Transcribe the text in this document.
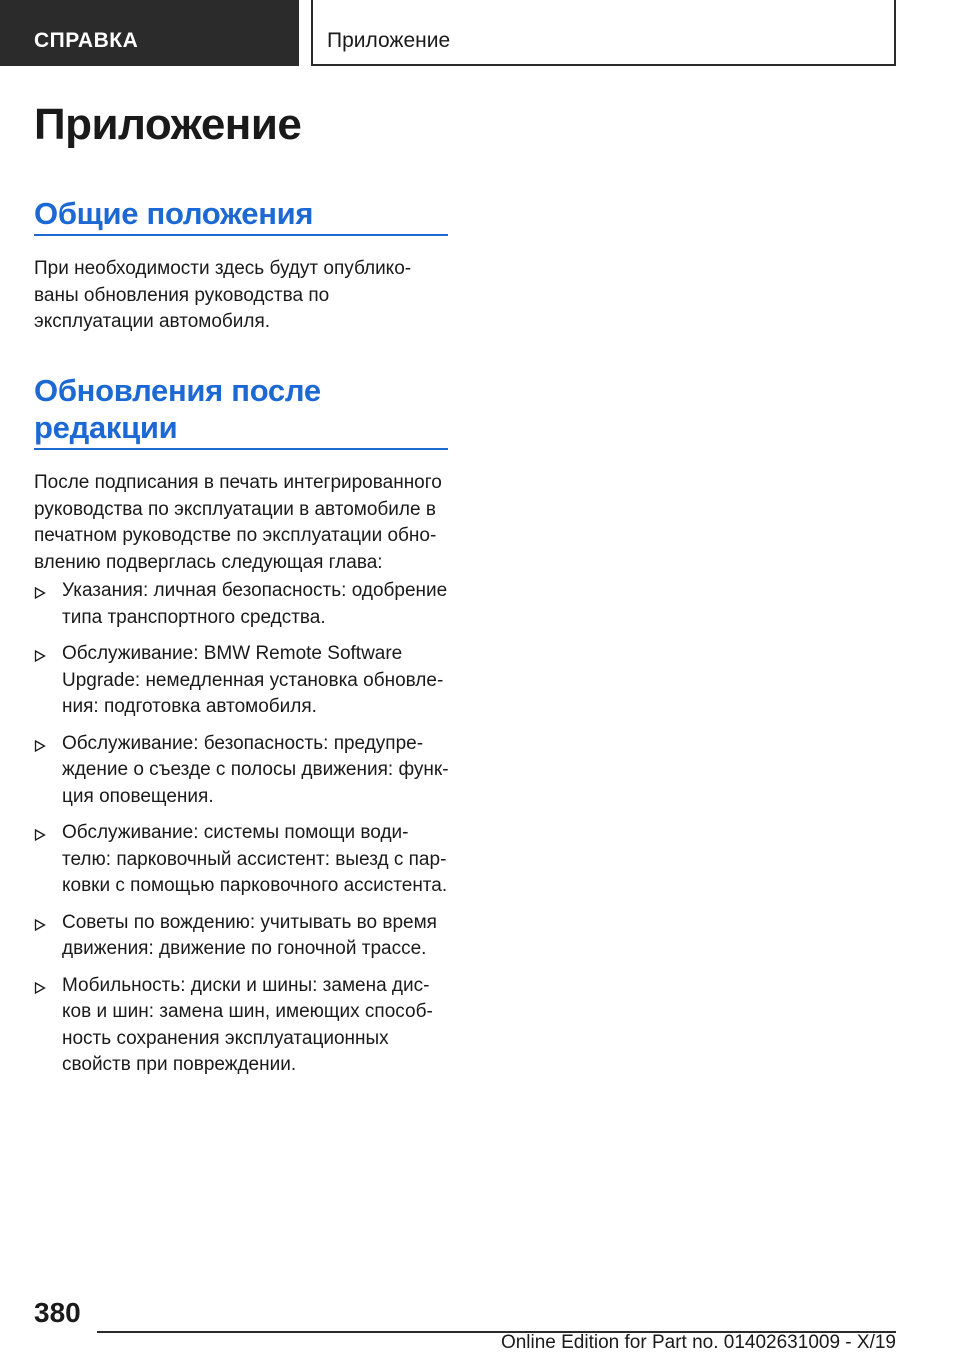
СПРАВКА	Приложение
Приложение
Общие положения

При необходимости здесь будут опубликованы обновления руководства по эксплуатации автомобиля.

Обновления после редакции

После подписания в печать интегрированного руководства по эксплуатации в автомобиле в печатном руководстве по эксплуатации обновлению подверглась следующая глава:

Указания: личная безопасность: одобрение типа транспортного средства.
Обслуживание: BMW Remote Software Upgrade: немедленная установка обновления: подготовка автомобиля.
Обслуживание: безопасность: предупреждение о съезде с полосы движения: функция оповещения.
Обслуживание: системы помощи водителю: парковочный ассистент: выезд с парковки с помощью парковочного ассистента.
Советы по вождению: учитывать во время движения: движение по гоночной трассе.
Мобильность: диски и шины: замена дисков и шин: замена шин, имеющих способность сохранения эксплуатационных свойств при повреждении.
380
Online Edition for Part no. 01402631009 - X/19
